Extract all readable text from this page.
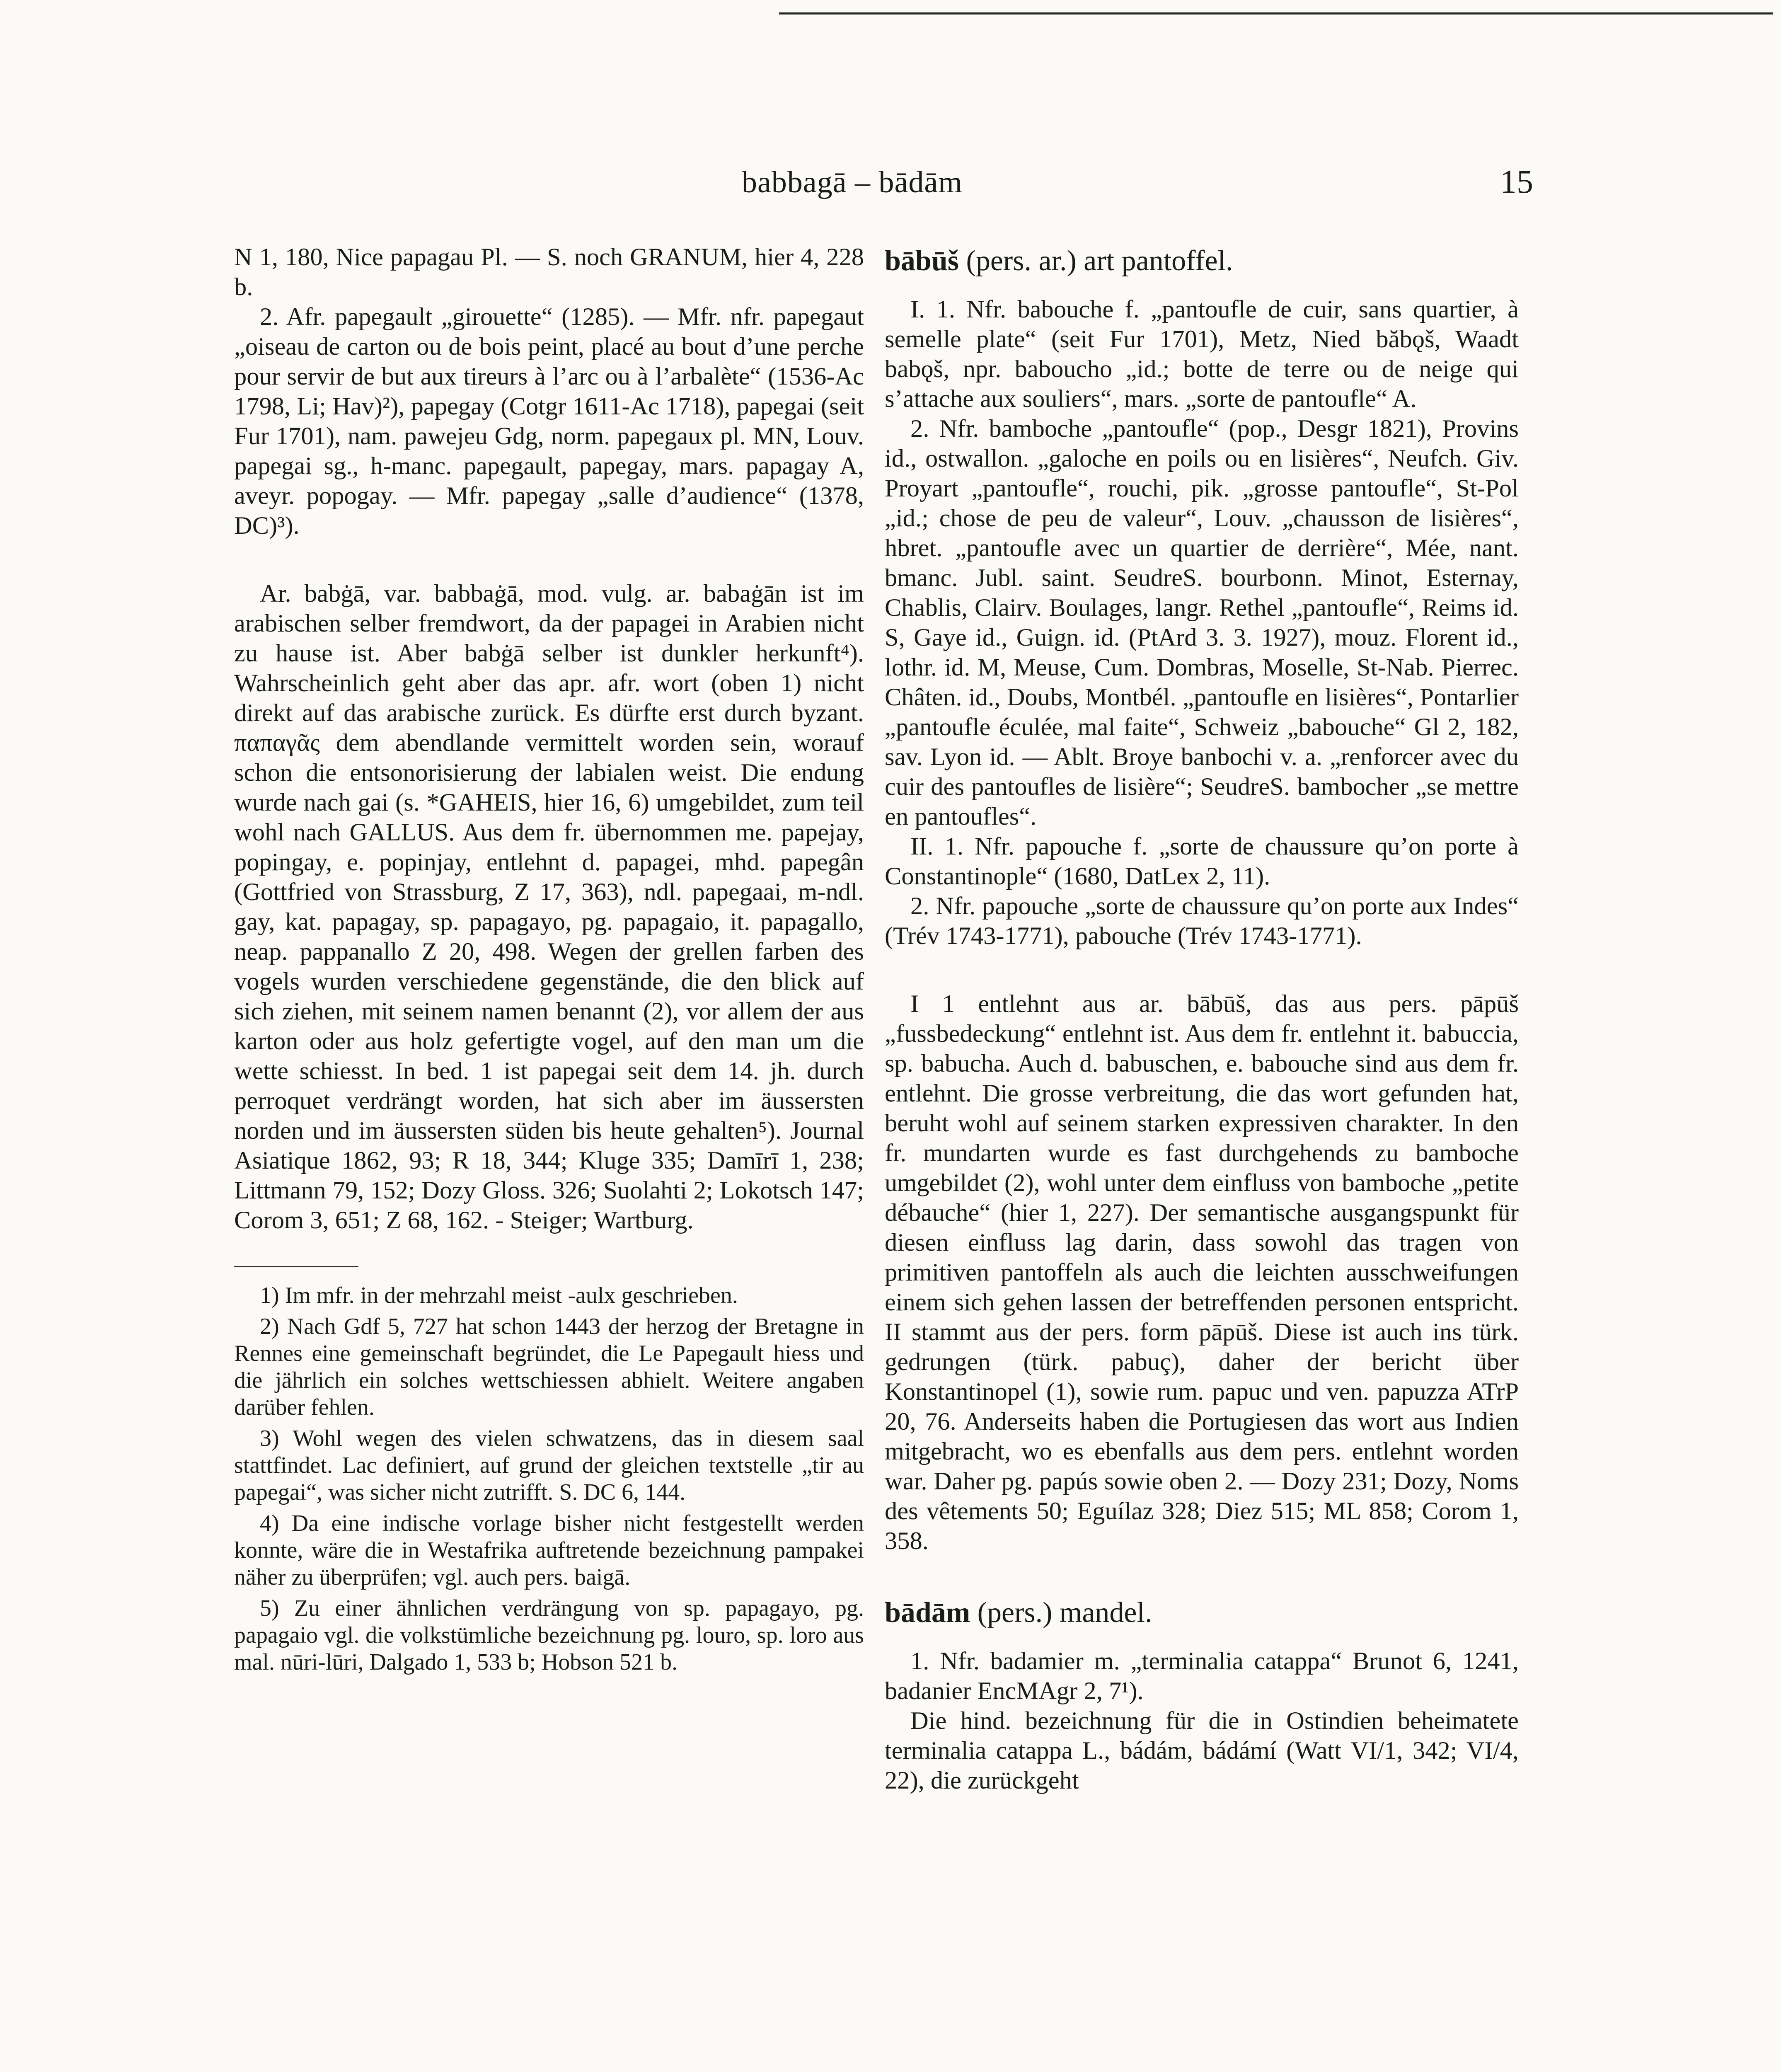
babbagā – bādām	15

N 1, 180, Nice papagau Pl. — S. noch GRANUM, hier 4, 228 b.

2. Afr. papegault „girouette“ (1285). — Mfr. nfr. papegaut „oiseau de carton ou de bois peint, placé au bout d’une perche pour servir de but aux tireurs à l’arc ou à l’arbalète“ (1536-Ac 1798, Li; Hav)²), papegay (Cotgr 1611-Ac 1718), papegai (seit Fur 1701), nam. pawejeu Gdg, norm. papegaux pl. MN, Louv. papegai sg., h-manc. papegault, papegay, mars. papagay A, aveyr. popogay. — Mfr. papegay „salle d’audience“ (1378, DC)³).

Ar. babġā, var. babbaġā, mod. vulg. ar. babaġān ist im arabischen selber fremdwort, da der papagei in Arabien nicht zu hause ist. Aber babġā selber ist dunkler herkunft⁴). Wahrscheinlich geht aber das apr. afr. wort (oben 1) nicht direkt auf das arabische zurück. Es dürfte erst durch byzant. παπαγᾶς dem abendlande vermittelt worden sein, worauf schon die entsonorisierung der labialen weist. Die endung wurde nach gai (s. *GAHEIS, hier 16, 6) umgebildet, zum teil wohl nach GALLUS. Aus dem fr. übernommen me. papejay, popingay, e. popinjay, entlehnt d. papagei, mhd. papegân (Gottfried von Strassburg, Z 17, 363), ndl. papegaai, m-ndl. gay, kat. papagay, sp. papagayo, pg. papagaio, it. papagallo, neap. pappanallo Z 20, 498. Wegen der grellen farben des vogels wurden verschiedene gegenstände, die den blick auf sich ziehen, mit seinem namen benannt (2), vor allem der aus karton oder aus holz gefertigte vogel, auf den man um die wette schiesst. In bed. 1 ist papegai seit dem 14. jh. durch perroquet verdrängt worden, hat sich aber im äussersten norden und im äussersten süden bis heute gehalten⁵). Journal Asiatique 1862, 93; R 18, 344; Kluge 335; Damīrī 1, 238; Littmann 79, 152; Dozy Gloss. 326; Suolahti 2; Lokotsch 147; Corom 3, 651; Z 68, 162. - Steiger; Wartburg.

1) Im mfr. in der mehrzahl meist -aulx geschrieben.

2) Nach Gdf 5, 727 hat schon 1443 der herzog der Bretagne in Rennes eine gemeinschaft begründet, die Le Papegault hiess und die jährlich ein solches wettschiessen abhielt. Weitere angaben darüber fehlen.

3) Wohl wegen des vielen schwatzens, das in diesem saal stattfindet. Lac definiert, auf grund der gleichen textstelle „tir au papegai“, was sicher nicht zutrifft. S. DC 6, 144.

4) Da eine indische vorlage bisher nicht festgestellt werden konnte, wäre die in Westafrika auftretende bezeichnung pampakei näher zu überprüfen; vgl. auch pers. baigā.

5) Zu einer ähnlichen verdrängung von sp. papagayo, pg. papagaio vgl. die volkstümliche bezeichnung pg. louro, sp. loro aus mal. nūri-lūri, Dalgado 1, 533 b; Hobson 521 b.

bābūš (pers. ar.) art pantoffel.

I. 1. Nfr. babouche f. „pantoufle de cuir, sans quartier, à semelle plate“ (seit Fur 1701), Metz, Nied băbǫš, Waadt babǫš, npr. baboucho „id.; botte de terre ou de neige qui s’attache aux souliers“, mars. „sorte de pantoufle“ A.

2. Nfr. bamboche „pantoufle“ (pop., Desgr 1821), Provins id., ostwallon. „galoche en poils ou en lisières“, Neufch. Giv. Proyart „pantoufle“, rouchi, pik. „grosse pantoufle“, St-Pol „id.; chose de peu de valeur“, Louv. „chausson de lisières“, hbret. „pantoufle avec un quartier de derrière“, Mée, nant. bmanc. Jubl. saint. SeudreS. bourbonn. Minot, Esternay, Chablis, Clairv. Boulages, langr. Rethel „pantoufle“, Reims id. S, Gaye id., Guign. id. (PtArd 3. 3. 1927), mouz. Florent id., lothr. id. M, Meuse, Cum. Dombras, Moselle, St-Nab. Pierrec. Châten. id., Doubs, Montbél. „pantoufle en lisières“, Pontarlier „pantoufle éculée, mal faite“, Schweiz „babouche“ Gl 2, 182, sav. Lyon id. — Ablt. Broye banbochi v. a. „renforcer avec du cuir des pantoufles de lisière“; SeudreS. bambocher „se mettre en pantoufles“.

II. 1. Nfr. papouche f. „sorte de chaussure qu’on porte à Constantinople“ (1680, DatLex 2, 11).

2. Nfr. papouche „sorte de chaussure qu’on porte aux Indes“ (Trév 1743-1771), pabouche (Trév 1743-1771).

I 1 entlehnt aus ar. bābūš, das aus pers. pāpūš „fussbedeckung“ entlehnt ist. Aus dem fr. entlehnt it. babuccia, sp. babucha. Auch d. babuschen, e. babouche sind aus dem fr. entlehnt. Die grosse verbreitung, die das wort gefunden hat, beruht wohl auf seinem starken expressiven charakter. In den fr. mundarten wurde es fast durchgehends zu bamboche umgebildet (2), wohl unter dem einfluss von bamboche „petite débauche“ (hier 1, 227). Der semantische ausgangspunkt für diesen einfluss lag darin, dass sowohl das tragen von primitiven pantoffeln als auch die leichten ausschweifungen einem sich gehen lassen der betreffenden personen entspricht. II stammt aus der pers. form pāpūš. Diese ist auch ins türk. gedrungen (türk. pabuç), daher der bericht über Konstantinopel (1), sowie rum. papuc und ven. papuzza ATrP 20, 76. Anderseits haben die Portugiesen das wort aus Indien mitgebracht, wo es ebenfalls aus dem pers. entlehnt worden war. Daher pg. papús sowie oben 2. — Dozy 231; Dozy, Noms des vêtements 50; Eguílaz 328; Diez 515; ML 858; Corom 1, 358.

bādām (pers.) mandel.

1. Nfr. badamier m. „terminalia catappa“ Brunot 6, 1241, badanier EncMAgr 2, 7¹).

Die hind. bezeichnung für die in Ostindien beheimatete terminalia catappa L., bádám, bádámí (Watt VI/1, 342; VI/4, 22), die zurückgeht
